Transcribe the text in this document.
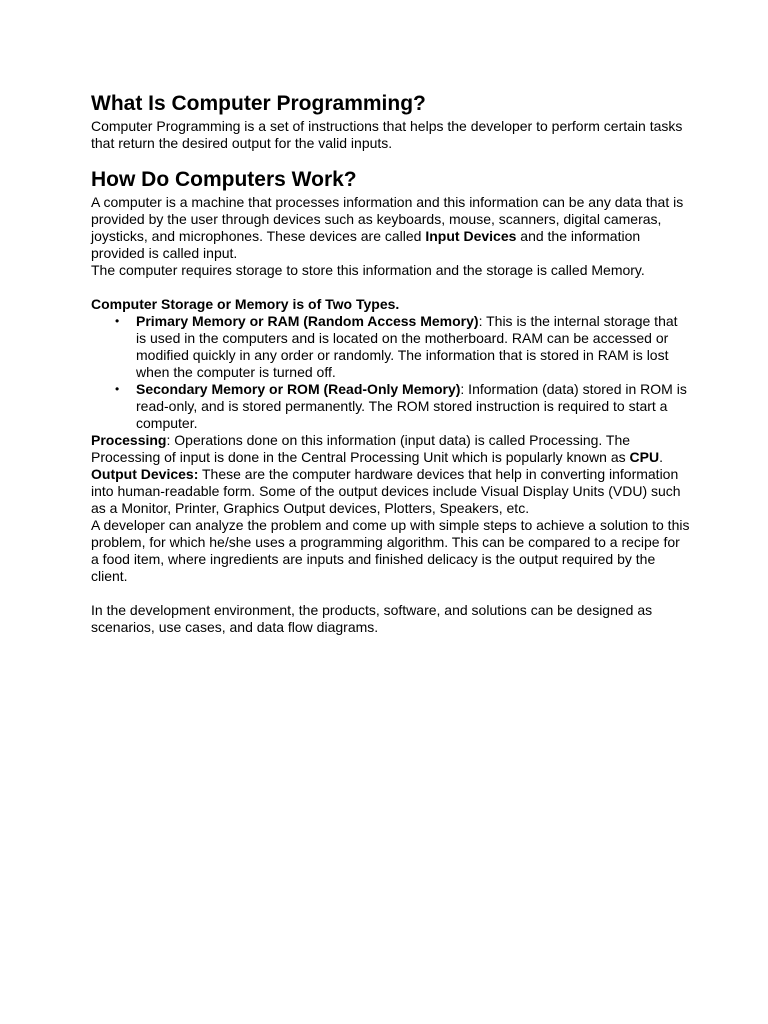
What Is Computer Programming?

Computer Programming is a set of instructions that helps the developer to perform certain tasks that return the desired output for the valid inputs.

How Do Computers Work?

A computer is a machine that processes information and this information can be any data that is provided by the user through devices such as keyboards, mouse, scanners, digital cameras, joysticks, and microphones. These devices are called Input Devices and the information provided is called input.

The computer requires storage to store this information and the storage is called Memory.

Computer Storage or Memory is of Two Types.

• Primary Memory or RAM (Random Access Memory): This is the internal storage that is used in the computers and is located on the motherboard. RAM can be accessed or modified quickly in any order or randomly. The information that is stored in RAM is lost when the computer is turned off.
• Secondary Memory or ROM (Read-Only Memory): Information (data) stored in ROM is read-only, and is stored permanently. The ROM stored instruction is required to start a computer.

Processing: Operations done on this information (input data) is called Processing. The Processing of input is done in the Central Processing Unit which is popularly known as CPU.

Output Devices: These are the computer hardware devices that help in converting information into human-readable form. Some of the output devices include Visual Display Units (VDU) such as a Monitor, Printer, Graphics Output devices, Plotters, Speakers, etc.

A developer can analyze the problem and come up with simple steps to achieve a solution to this problem, for which he/she uses a programming algorithm. This can be compared to a recipe for a food item, where ingredients are inputs and finished delicacy is the output required by the client.

In the development environment, the products, software, and solutions can be designed as scenarios, use cases, and data flow diagrams.
